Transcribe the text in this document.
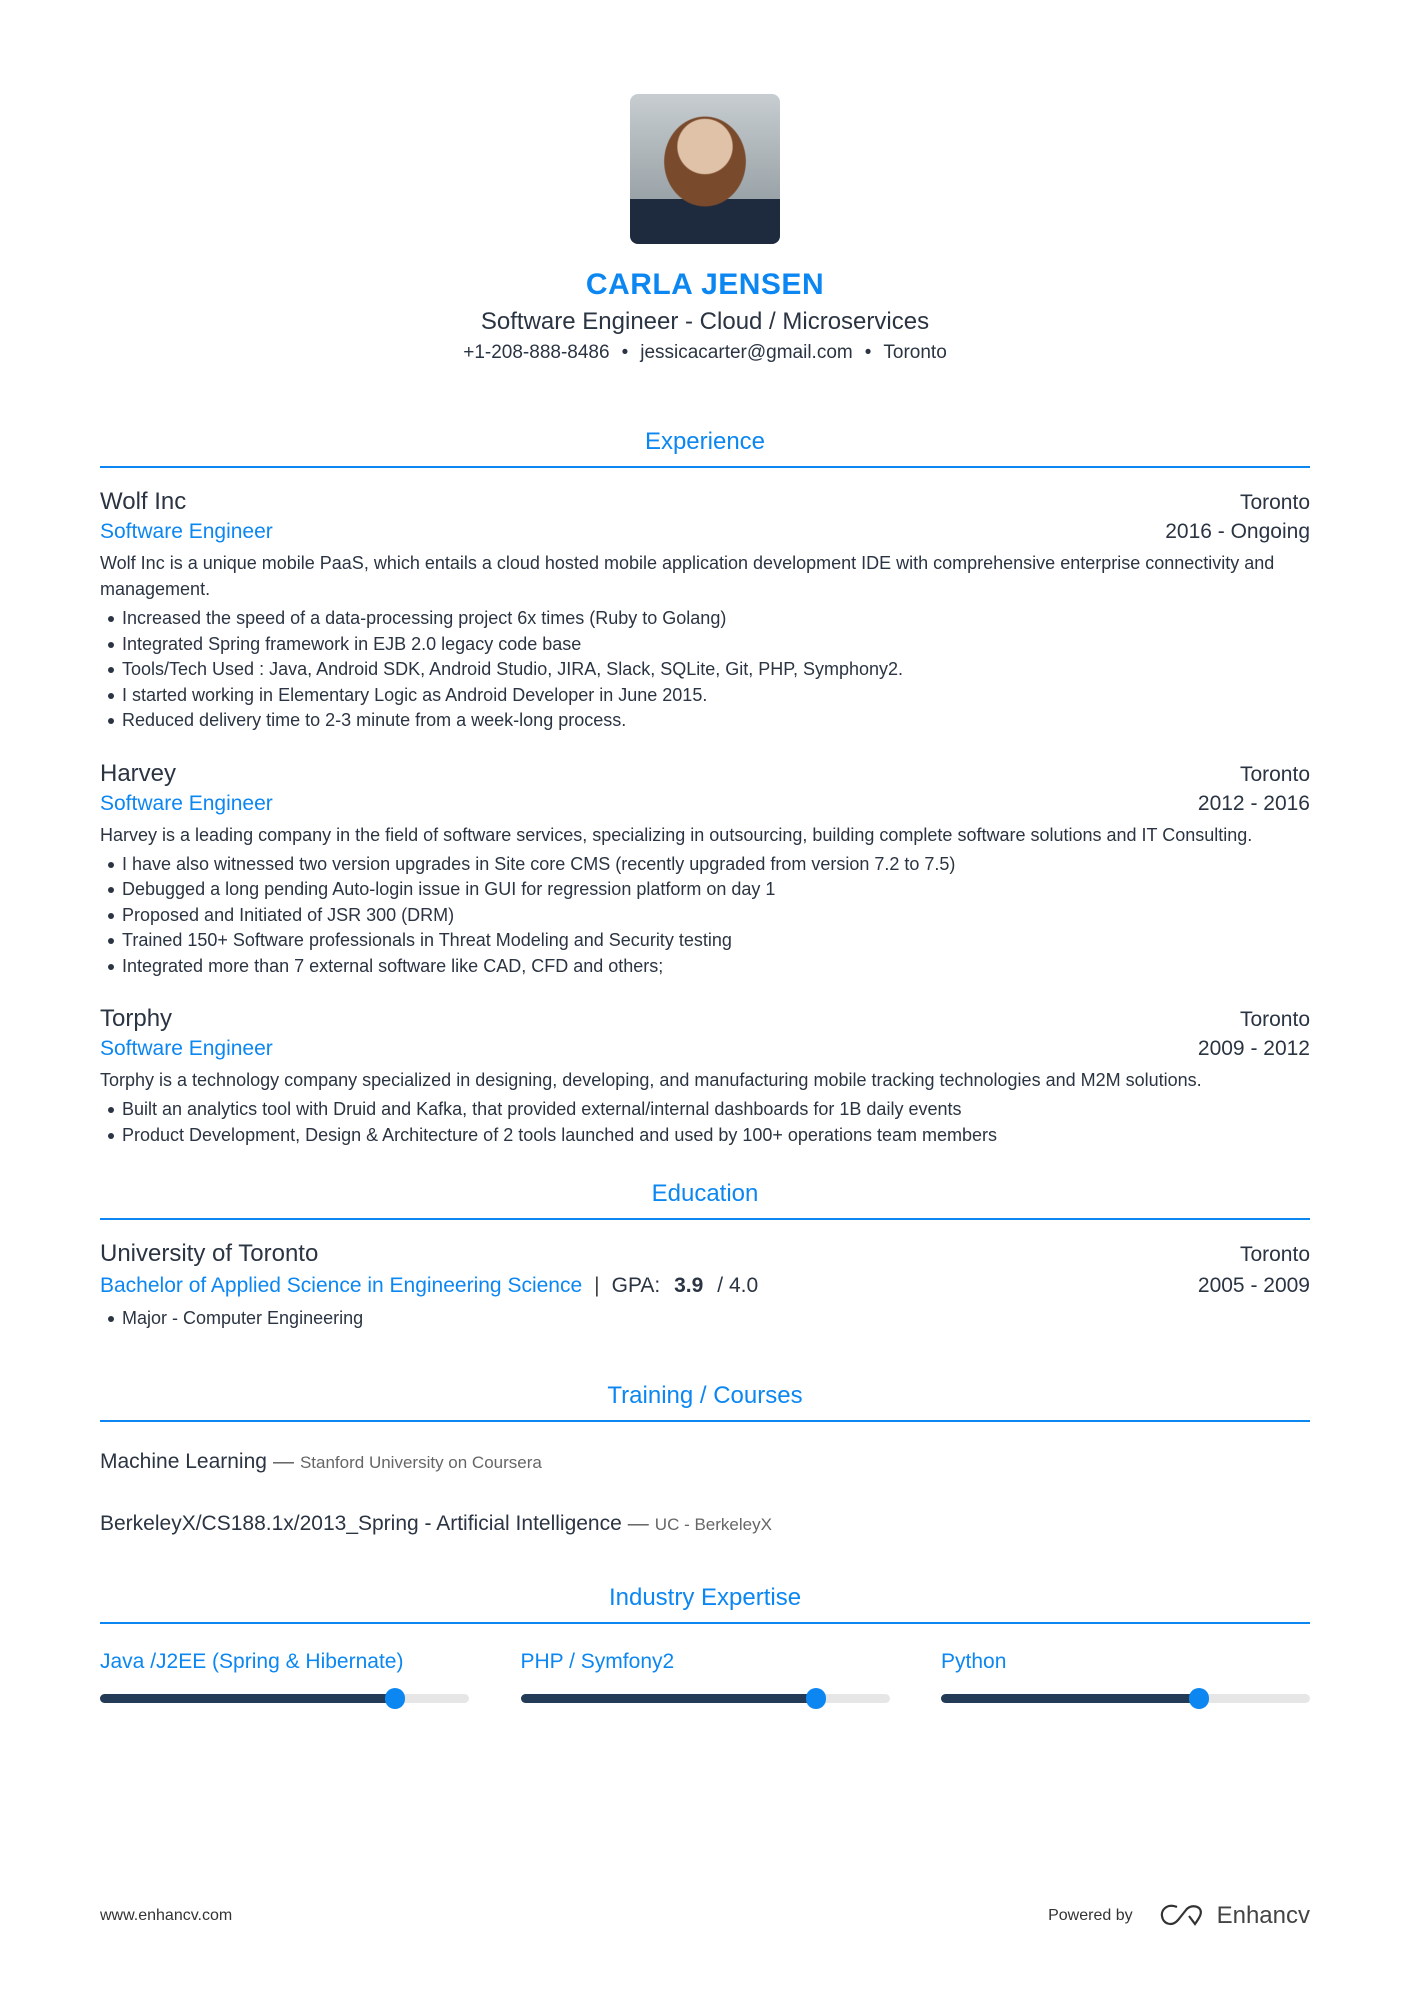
CARLA JENSEN
Software Engineer - Cloud / Microservices
+1-208-888-8486 • jessicacarter@gmail.com • Toronto
Experience
Wolf Inc	Toronto
Software Engineer	2016 - Ongoing
Wolf Inc is a unique mobile PaaS, which entails a cloud hosted mobile application development IDE with comprehensive enterprise connectivity and management.
Increased the speed of a data-processing project 6x times (Ruby to Golang)
Integrated Spring framework in EJB 2.0 legacy code base
Tools/Tech Used : Java, Android SDK, Android Studio, JIRA, Slack, SQLite, Git, PHP, Symphony2.
I started working in Elementary Logic as Android Developer in June 2015.
Reduced delivery time to 2-3 minute from a week-long process.
Harvey	Toronto
Software Engineer	2012 - 2016
Harvey is a leading company in the field of software services, specializing in outsourcing, building complete software solutions and IT Consulting.
I have also witnessed two version upgrades in Site core CMS (recently upgraded from version 7.2 to 7.5)
Debugged a long pending Auto-login issue in GUI for regression platform on day 1
Proposed and Initiated of JSR 300 (DRM)
Trained 150+ Software professionals in Threat Modeling and Security testing
Integrated more than 7 external software like CAD, CFD and others;
Torphy	Toronto
Software Engineer	2009 - 2012
Torphy is a technology company specialized in designing, developing, and manufacturing mobile tracking technologies and M2M solutions.
Built an analytics tool with Druid and Kafka, that provided external/internal dashboards for 1B daily events
Product Development, Design & Architecture of 2 tools launched and used by 100+ operations team members
Education
University of Toronto	Toronto
Bachelor of Applied Science in Engineering Science | GPA: 3.9 / 4.0	2005 - 2009
Major - Computer Engineering
Training / Courses
Machine Learning — Stanford University on Coursera
BerkeleyX/CS188.1x/2013_Spring - Artificial Intelligence — UC - BerkeleyX
Industry Expertise
Java /J2EE (Spring & Hibernate)	PHP / Symfony2	Python
www.enhancv.com	Powered by	Enhancv
